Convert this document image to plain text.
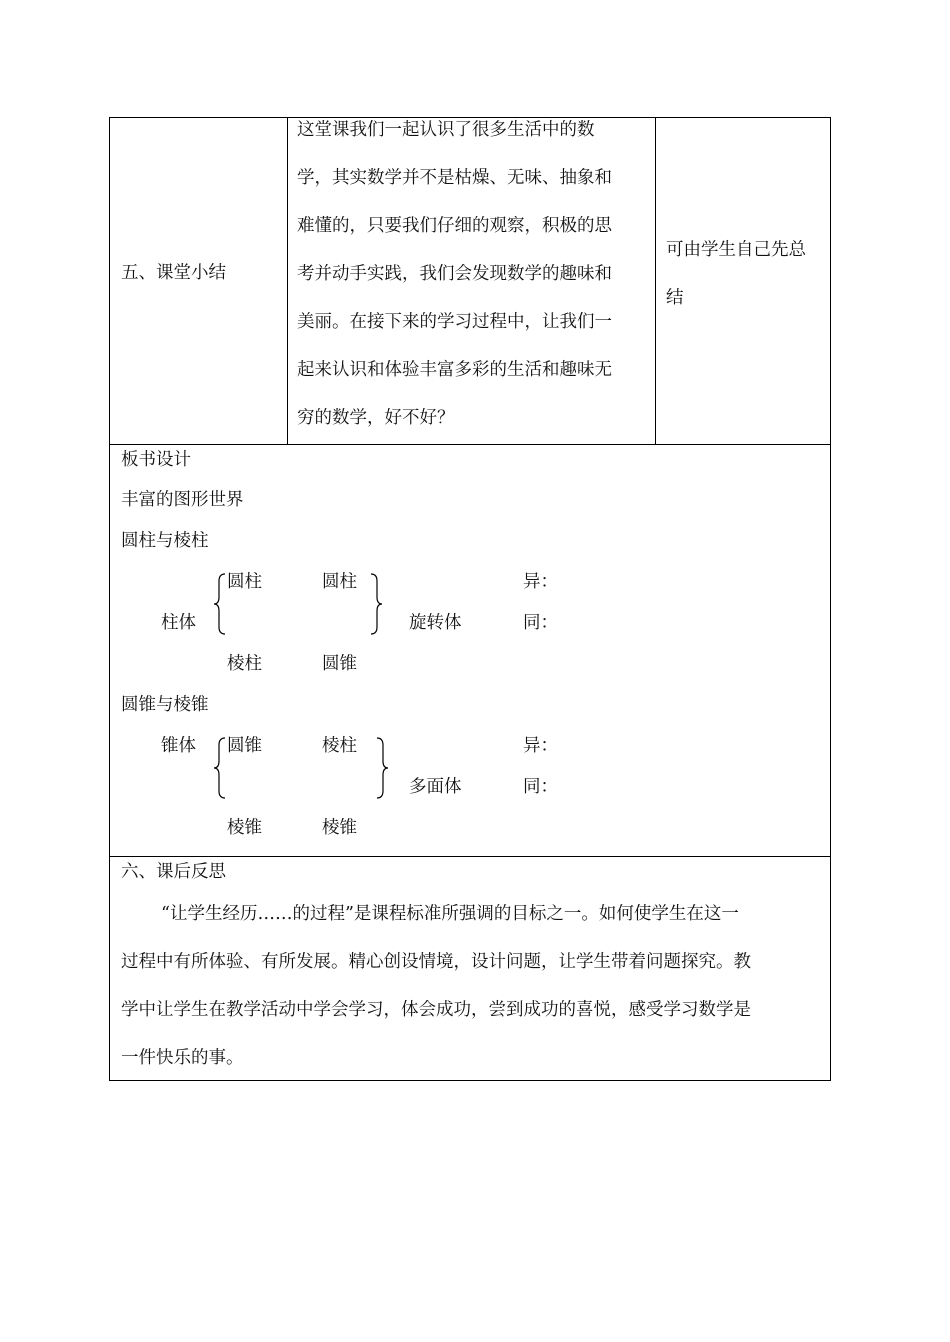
五、课堂小结
这堂课我们一起认识了很多生活中的数
学，其实数学并不是枯燥、无味、抽象和
难懂的，只要我们仔细的观察，积极的思
考并动手实践，我们会发现数学的趣味和
美丽。在接下来的学习过程中，让我们一
起来认识和体验丰富多彩的生活和趣味无
穷的数学，好不好？
可由学生自己先总
结
板书设计
丰富的图形世界
圆柱与棱柱
柱体
圆柱
棱柱
圆柱
圆锥
旋转体
异：
同：
圆锥与棱锥
锥体 圆锥
棱锥
棱柱
棱锥
多面体
异：
同：
六、课后反思
“让学生经历……的过程”是课程标准所强调的目标之一。如何使学生在这一
过程中有所体验、有所发展。精心创设情境，设计问题，让学生带着问题探究。教
学中让学生在教学活动中学会学习，体会成功，尝到成功的喜悦，感受学习数学是
一件快乐的事。
